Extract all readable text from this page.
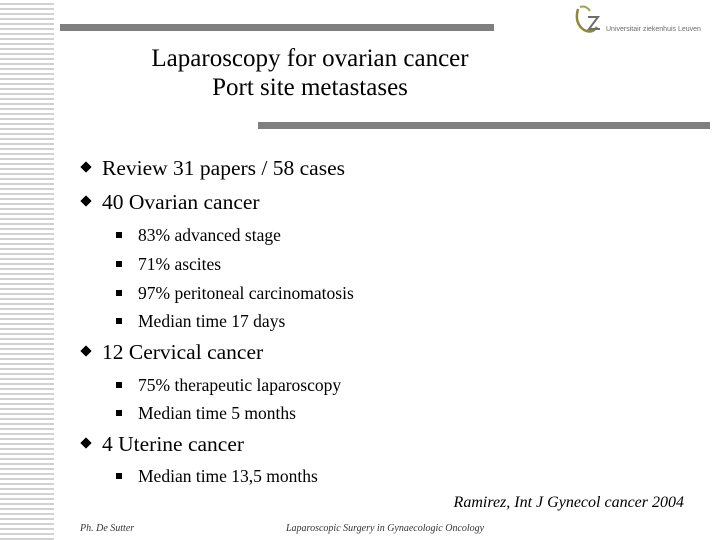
Universitair ziekenhuis Leuven
Laparoscopy for ovarian cancer
Port site metastases
Review 31 papers / 58 cases
40 Ovarian cancer
83% advanced stage
71% ascites
97% peritoneal carcinomatosis
Median time 17 days
12 Cervical cancer
75% therapeutic laparoscopy
Median time 5 months
4 Uterine cancer
Median time 13,5 months
Ramirez, Int J Gynecol cancer 2004
Ph. De Sutter	Laparoscopic Surgery in Gynaecologic Oncology
